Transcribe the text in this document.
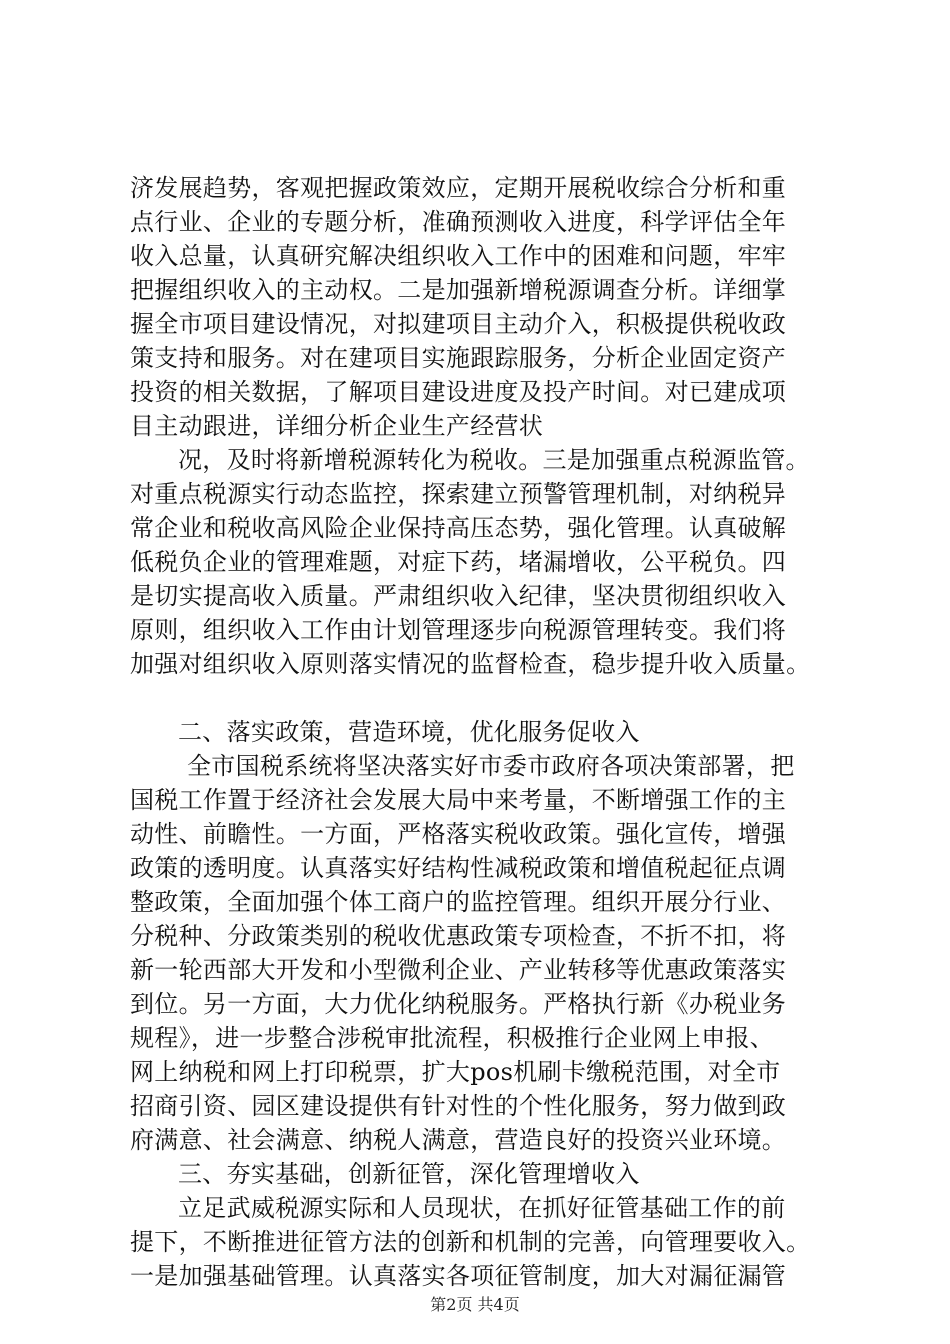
济发展趋势，客观把握政策效应，定期开展税收综合分析和重
点行业、企业的专题分析，准确预测收入进度，科学评估全年
收入总量，认真研究解决组织收入工作中的困难和问题，牢牢
把握组织收入的主动权。二是加强新增税源调查分析。详细掌
握全市项目建设情况，对拟建项目主动介入，积极提供税收政
策支持和服务。对在建项目实施跟踪服务，分析企业固定资产
投资的相关数据，了解项目建设进度及投产时间。对已建成项
目主动跟进，详细分析企业生产经营状
况，及时将新增税源转化为税收。三是加强重点税源监管。
对重点税源实行动态监控，探索建立预警管理机制，对纳税异
常企业和税收高风险企业保持高压态势，强化管理。认真破解
低税负企业的管理难题，对症下药，堵漏增收，公平税负。四
是切实提高收入质量。严肃组织收入纪律，坚决贯彻组织收入
原则，组织收入工作由计划管理逐步向税源管理转变。我们将
加强对组织收入原则落实情况的监督检查，稳步提升收入质量。
二、落实政策，营造环境，优化服务促收入
全市国税系统将坚决落实好市委市政府各项决策部署，把
国税工作置于经济社会发展大局中来考量，不断增强工作的主
动性、前瞻性。一方面，严格落实税收政策。强化宣传，增强
政策的透明度。认真落实好结构性减税政策和增值税起征点调
整政策，全面加强个体工商户的监控管理。组织开展分行业、
分税种、分政策类别的税收优惠政策专项检查，不折不扣，将
新一轮西部大开发和小型微利企业、产业转移等优惠政策落实
到位。另一方面，大力优化纳税服务。严格执行新《办税业务
规程》，进一步整合涉税审批流程，积极推行企业网上申报、
网上纳税和网上打印税票，扩大pos机刷卡缴税范围，对全市
招商引资、园区建设提供有针对性的个性化服务，努力做到政
府满意、社会满意、纳税人满意，营造良好的投资兴业环境。
三、夯实基础，创新征管，深化管理增收入
立足武威税源实际和人员现状，在抓好征管基础工作的前
提下，不断推进征管方法的创新和机制的完善，向管理要收入。
一是加强基础管理。认真落实各项征管制度，加大对漏征漏管
第2页 共4页
